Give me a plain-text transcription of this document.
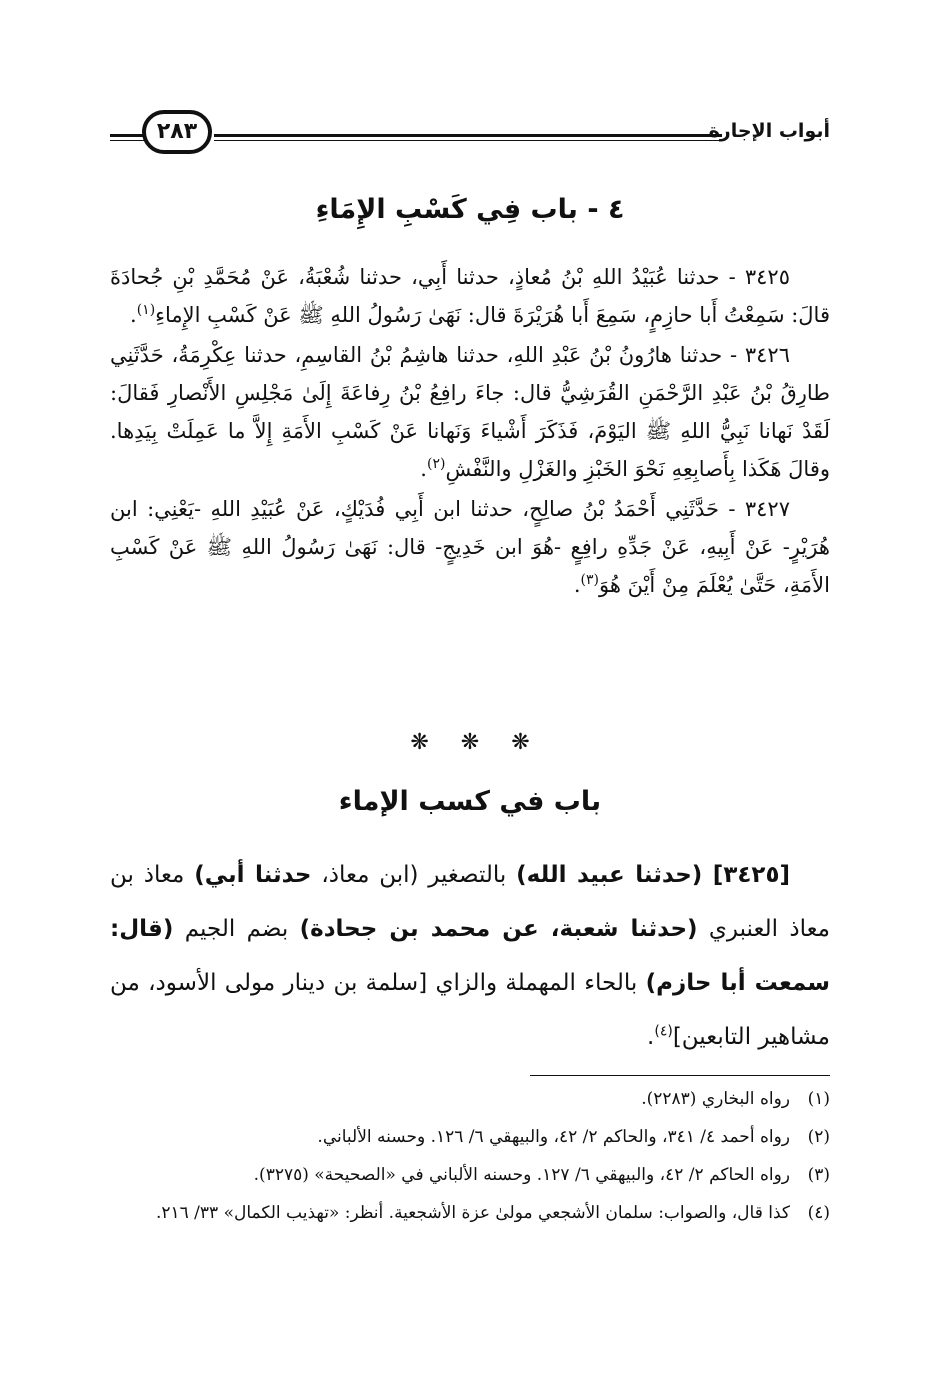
أبواب الإجارة
٢٨٣
٤ - باب فِي كَسْبِ الإِمَاءِ

٣٤٢٥ - حدثنا عُبَيْدُ اللهِ بْنُ مُعاذٍ، حدثنا أَبِي، حدثنا شُعْبَةُ، عَنْ مُحَمَّدِ بْنِ جُحادَةَ قالَ: سَمِعْتُ أَبا حازِمٍ، سَمِعَ أَبا هُرَيْرَةَ قال: نَهَىٰ رَسُولُ اللهِ ﷺ عَنْ كَسْبِ الإِماءِ$^{(١)}$.

٣٤٢٦ - حدثنا هارُونُ بْنُ عَبْدِ اللهِ، حدثنا هاشِمُ بْنُ القاسِمِ، حدثنا عِكْرِمَةُ، حَدَّثَنِي طارِقُ بْنُ عَبْدِ الرَّحْمَنِ القُرَشِيُّ قال: جاءَ رافِعُ بْنُ رِفاعَةَ إِلَىٰ مَجْلِسِ الأَنْصارِ فَقالَ: لَقَدْ نَهانا نَبِيُّ اللهِ ﷺ اليَوْمَ، فَذَكَرَ أَشْياءَ وَنَهانا عَنْ كَسْبِ الأَمَةِ إِلاَّ ما عَمِلَتْ بِيَدِها. وقالَ هَكَذا بِأَصابِعِهِ نَحْوَ الخَبْزِ والغَزْلِ والنَّفْشِ$^{(٢)}$.

٣٤٢٧ - حَدَّثَنِي أَحْمَدُ بْنُ صالِحٍ، حدثنا ابن أَبِي فُدَيْكٍ، عَنْ عُبَيْدِ اللهِ -يَعْنِي: ابن هُرَيْرٍ- عَنْ أَبِيهِ، عَنْ جَدِّهِ رافِعٍ -هُوَ ابن خَدِيجٍ- قال: نَهَىٰ رَسُولُ اللهِ ﷺ عَنْ كَسْبِ الأَمَةِ، حَتَّىٰ يُعْلَمَ مِنْ أَيْنَ هُوَ$^{(٣)}$.

❋❋❋
باب في كسب الإماء

[٣٤٢٥] (حدثنا عبيد الله) بالتصغير (ابن معاذ، حدثنا أبي) معاذ بن معاذ العنبري (حدثنا شعبة، عن محمد بن جحادة) بضم الجيم (قال: سمعت أبا حازم) بالحاء المهملة والزاي [سلمة بن دينار مولى الأسود، من مشاهير التابعين]$^{(٤)}$.

(١)
رواه البخاري (٢٢٨٣).

(٢)
رواه أحمد ٤/ ٣٤١، والحاكم ٢/ ٤٢، والبيهقي ٦/ ١٢٦. وحسنه الألباني.

(٣)
رواه الحاكم ٢/ ٤٢، والبيهقي ٦/ ١٢٧. وحسنه الألباني في «الصحيحة» (٣٢٧٥).

(٤)
كذا قال، والصواب: سلمان الأشجعي مولىٰ عزة الأشجعية. أنظر: «تهذيب الكمال» ٣٣/ ٢١٦.
